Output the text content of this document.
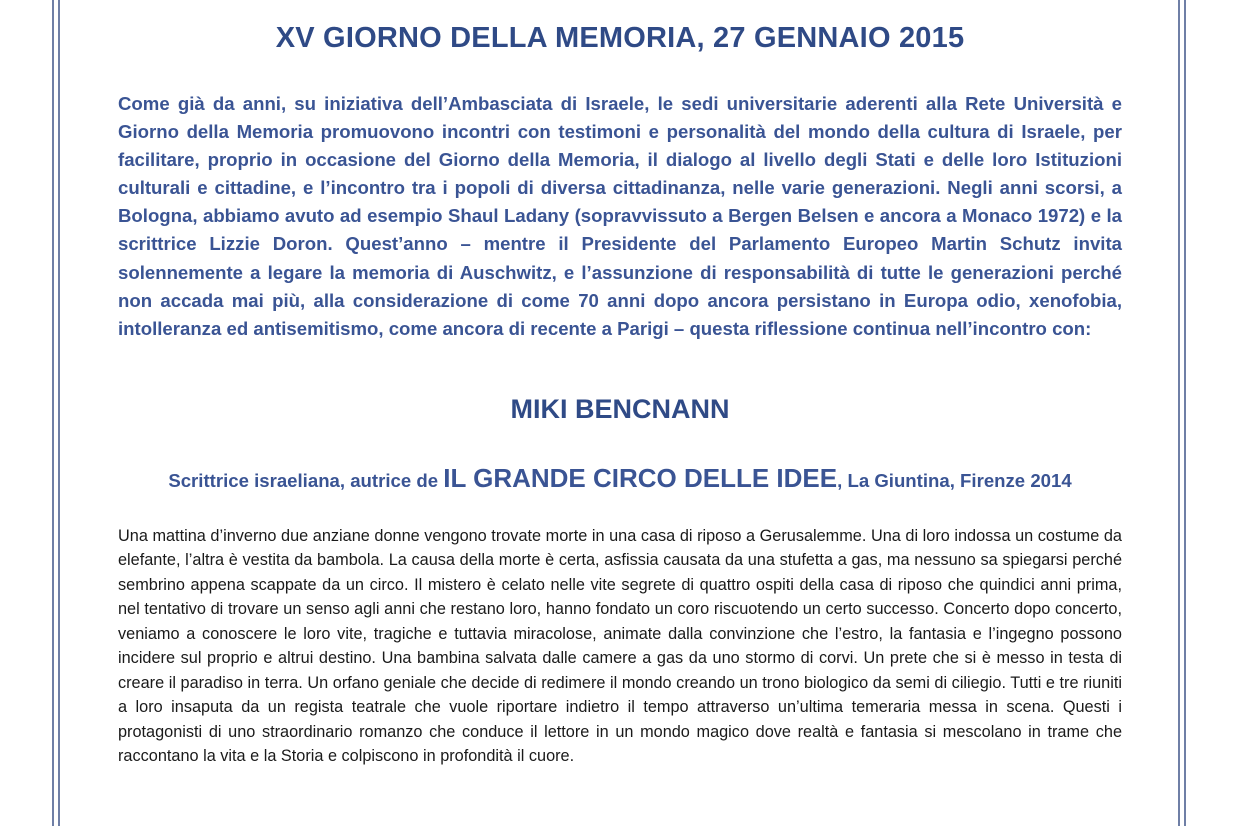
XV GIORNO DELLA MEMORIA, 27 GENNAIO 2015

Come già da anni, su iniziativa dell’Ambasciata di Israele, le sedi universitarie aderenti alla Rete Università e Giorno della Memoria promuovono incontri con testimoni e personalità del mondo della cultura di Israele, per facilitare, proprio in occasione del Giorno della Memoria, il dialogo al livello degli Stati e delle loro Istituzioni culturali e cittadine, e l’incontro tra i popoli di diversa cittadinanza, nelle varie generazioni. Negli anni scorsi, a Bologna, abbiamo avuto ad esempio Shaul Ladany (sopravvissuto a Bergen Belsen e ancora a Monaco 1972) e la scrittrice Lizzie Doron. Quest’anno – mentre il Presidente del Parlamento Europeo Martin Schutz invita solennemente a legare la memoria di Auschwitz, e l’assunzione di responsabilità di tutte le generazioni perché non accada mai più, alla considerazione di come 70 anni dopo ancora persistano in Europa odio, xenofobia, intolleranza ed antisemitismo, come ancora di recente a Parigi – questa riflessione continua nell’incontro con:

MIKI BENCNANN

Scrittrice israeliana, autrice de IL GRANDE CIRCO DELLE IDEE, La Giuntina, Firenze 2014

Una mattina d’inverno due anziane donne vengono trovate morte in una casa di riposo a Gerusalemme. Una di loro indossa un costume da elefante, l’altra è vestita da bambola. La causa della morte è certa, asfissia causata da una stufetta a gas, ma nessuno sa spiegarsi perché sembrino appena scappate da un circo. Il mistero è celato nelle vite segrete di quattro ospiti della casa di riposo che quindici anni prima, nel tentativo di trovare un senso agli anni che restano loro, hanno fondato un coro riscuotendo un certo successo. Concerto dopo concerto, veniamo a conoscere le loro vite, tragiche e tuttavia miracolose, animate dalla convinzione che l’estro, la fantasia e l’ingegno possono incidere sul proprio e altrui destino. Una bambina salvata dalle camere a gas da uno stormo di corvi. Un prete che si è messo in testa di creare il paradiso in terra. Un orfano geniale che decide di redimere il mondo creando un trono biologico da semi di ciliegio. Tutti e tre riuniti a loro insaputa da un regista teatrale che vuole riportare indietro il tempo attraverso un’ultima temeraria messa in scena. Questi i protagonisti di uno straordinario romanzo che conduce il lettore in un mondo magico dove realtà e fantasia si mescolano in trame che raccontano la vita e la Storia e colpiscono in profondità il cuore.
